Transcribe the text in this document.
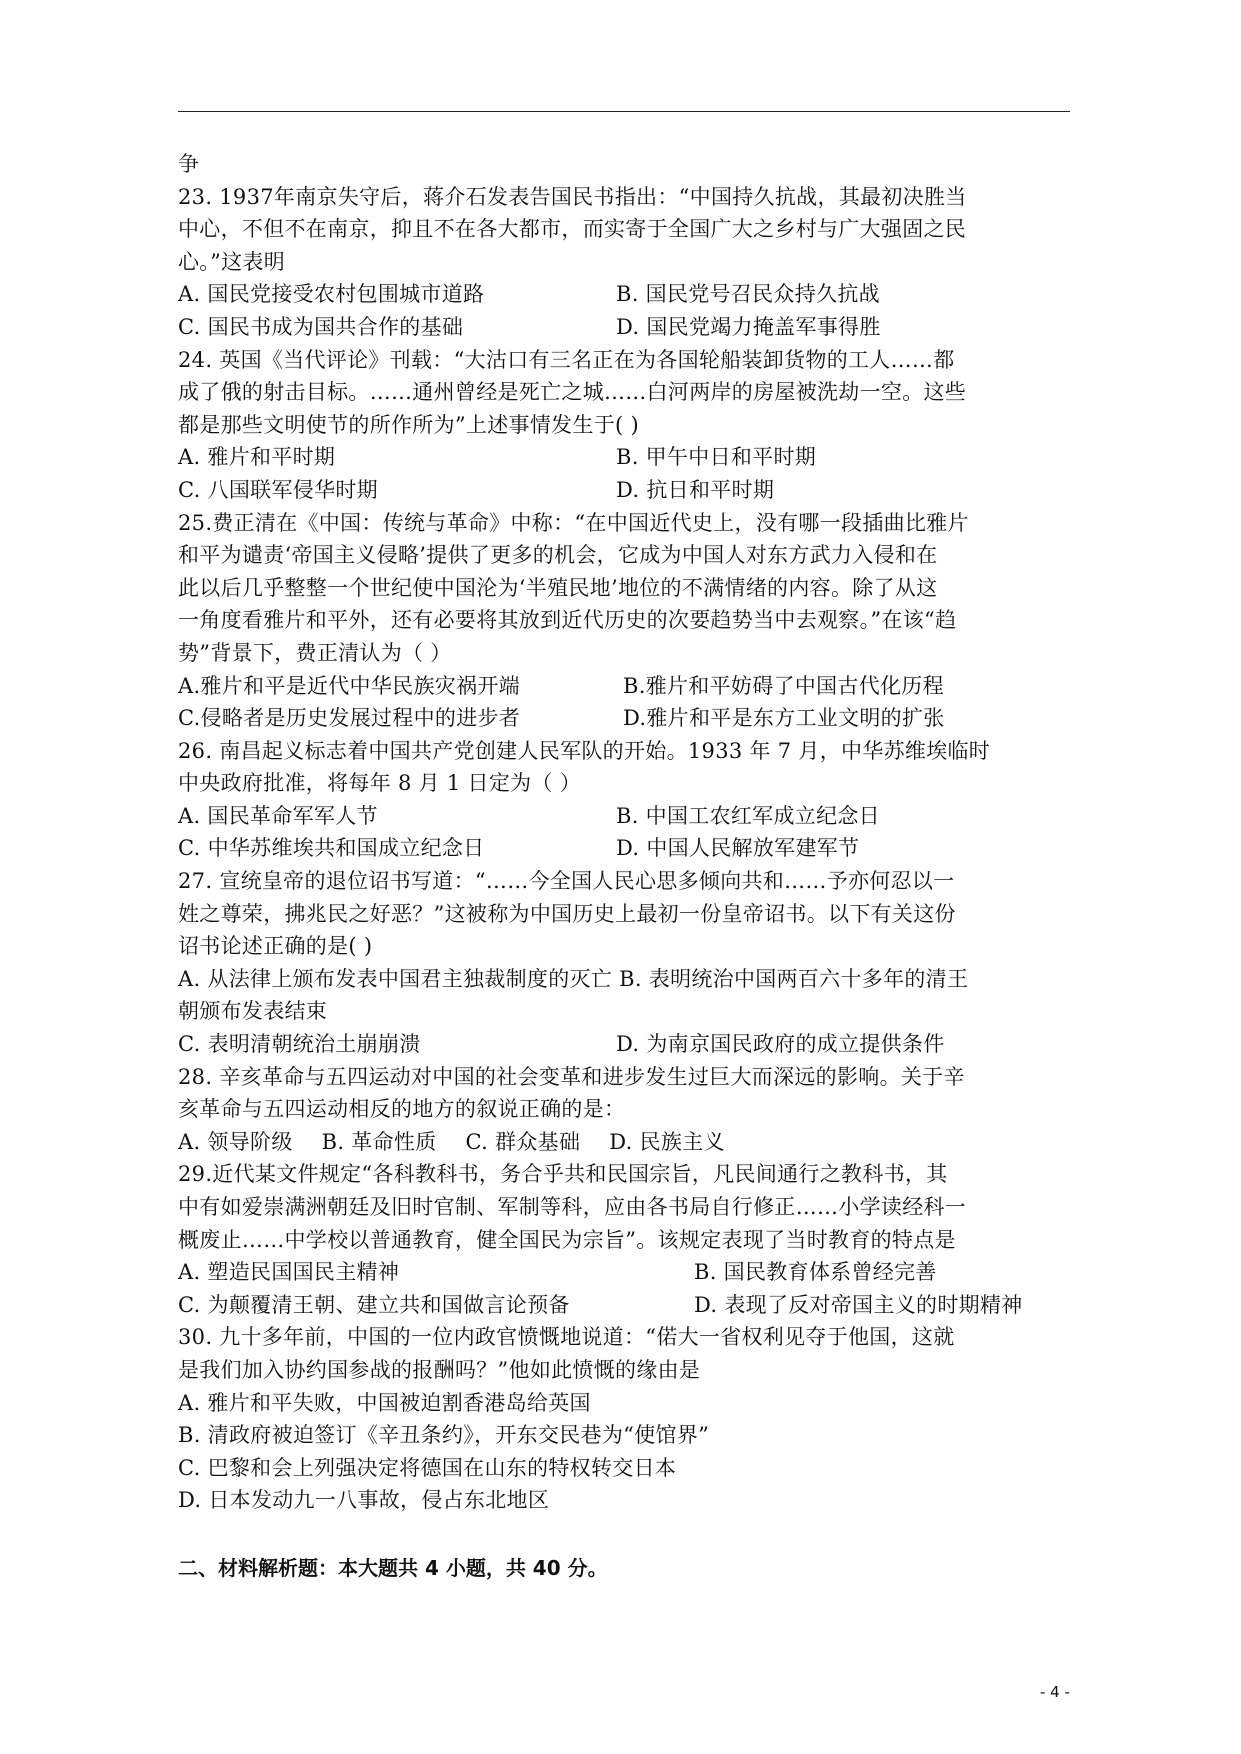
争
23. 1937年南京失守后，蒋介石发表告国民书指出：“中国持久抗战，其最初决胜当
中心，不但不在南京，抑且不在各大都市，而实寄于全国广大之乡村与广大强固之民
心。”这表明
A. 国民党接受农村包围城市道路	B. 国民党号召民众持久抗战
C. 国民书成为国共合作的基础	D. 国民党竭力掩盖军事得胜
24. 英国《当代评论》刊载：“大沽口有三名正在为各国轮船装卸货物的工人……都
成了俄的射击目标。……通州曾经是死亡之城……白河两岸的房屋被洗劫一空。这些
都是那些文明使节的所作所为”上述事情发生于( )
A. 雅片和平时期	B. 甲午中日和平时期
C. 八国联军侵华时期	D. 抗日和平时期
25.费正清在《中国：传统与革命》中称：“在中国近代史上，没有哪一段插曲比雅片
和平为谴责‘帝国主义侵略’提供了更多的机会，它成为中国人对东方武力入侵和在
此以后几乎整整一个世纪使中国沦为‘半殖民地’地位的不满情绪的内容。除了从这
一角度看雅片和平外，还有必要将其放到近代历史的次要趋势当中去观察。”在该“趋
势”背景下，费正清认为（ ）
A.雅片和平是近代中华民族灾祸开端	B.雅片和平妨碍了中国古代化历程
C.侵略者是历史发展过程中的进步者	D.雅片和平是东方工业文明的扩张
26. 南昌起义标志着中国共产党创建人民军队的开始。1933 年 7 月，中华苏维埃临时
中央政府批准，将每年 8 月 1 日定为（ ）
A. 国民革命军军人节	B. 中国工农红军成立纪念日
C. 中华苏维埃共和国成立纪念日	D. 中国人民解放军建军节
27. 宣统皇帝的退位诏书写道：“……今全国人民心思多倾向共和……予亦何忍以一
姓之尊荣，拂兆民之好恶？”这被称为中国历史上最初一份皇帝诏书。以下有关这份
诏书论述正确的是( )
A. 从法律上颁布发表中国君主独裁制度的灭亡 B. 表明统治中国两百六十多年的清王
朝颁布发表结束
C. 表明清朝统治土崩崩溃	D. 为南京国民政府的成立提供条件
28. 辛亥革命与五四运动对中国的社会变革和进步发生过巨大而深远的影响。关于辛
亥革命与五四运动相反的地方的叙说正确的是：
A. 领导阶级 B. 革命性质 C. 群众基础 D. 民族主义
29.近代某文件规定“各科教科书，务合乎共和民国宗旨，凡民间通行之教科书，其
中有如爱崇满洲朝廷及旧时官制、军制等科，应由各书局自行修正……小学读经科一
概废止……中学校以普通教育，健全国民为宗旨”。该规定表现了当时教育的特点是
A. 塑造民国国民主精神	B. 国民教育体系曾经完善
C. 为颠覆清王朝、建立共和国做言论预备	D. 表现了反对帝国主义的时期精神
30. 九十多年前，中国的一位内政官愤慨地说道：“偌大一省权利见夺于他国，这就
是我们加入协约国参战的报酬吗？”他如此愤慨的缘由是
A. 雅片和平失败，中国被迫割香港岛给英国
B. 清政府被迫签订《辛丑条约》，开东交民巷为“使馆界”
C. 巴黎和会上列强决定将德国在山东的特权转交日本
D. 日本发动九一八事故，侵占东北地区
二、材料解析题：本大题共 4 小题，共 40 分。
- 4 -
